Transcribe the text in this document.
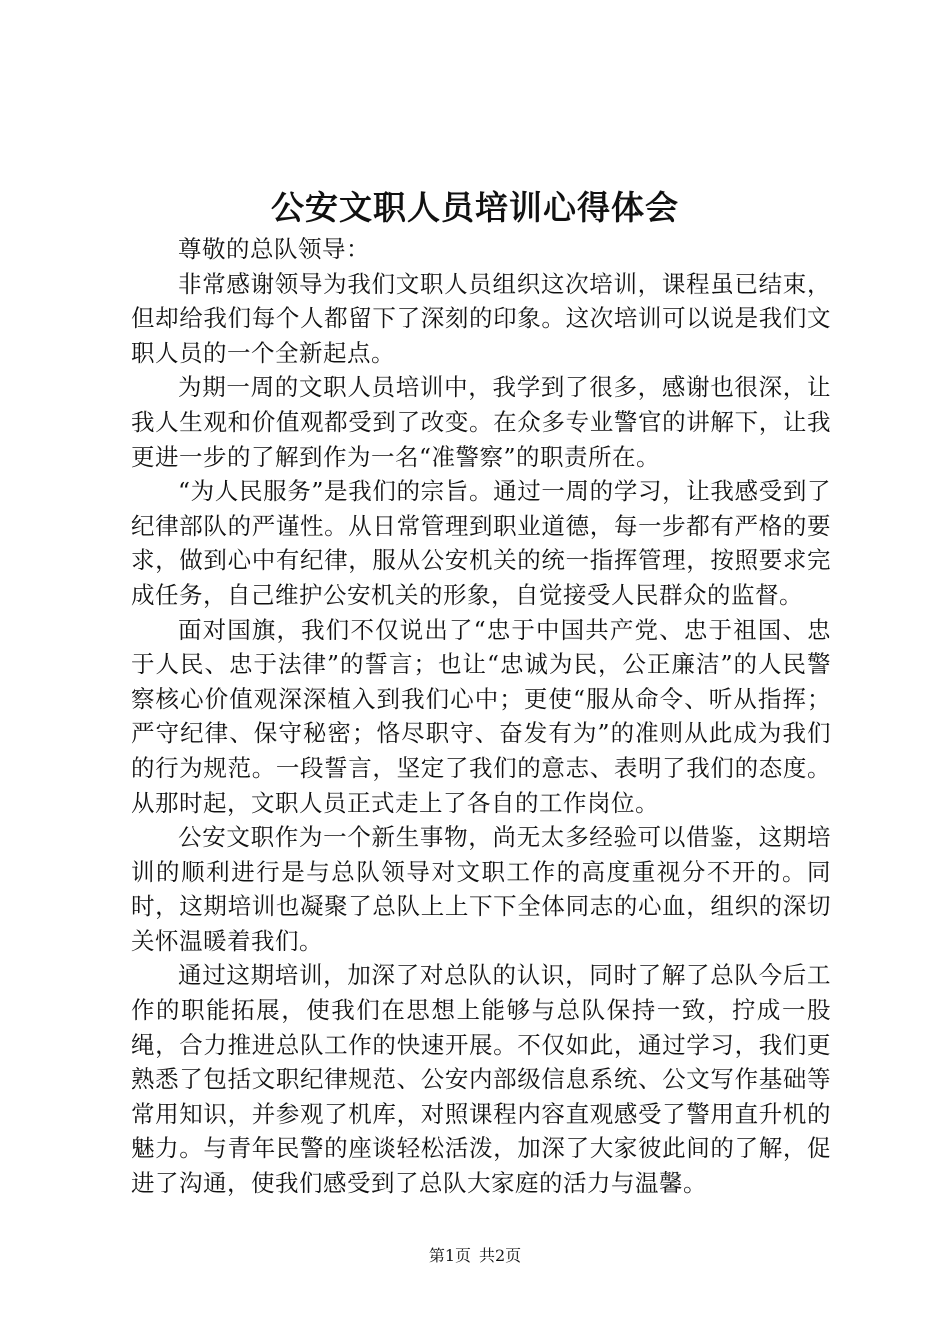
公安文职人员培训心得体会

尊敬的总队领导：

非常感谢领导为我们文职人员组织这次培训，课程虽已结束，但却给我们每个人都留下了深刻的印象。这次培训可以说是我们文职人员的一个全新起点。

为期一周的文职人员培训中，我学到了很多，感谢也很深，让我人生观和价值观都受到了改变。在众多专业警官的讲解下，让我更进一步的了解到作为一名“准警察”的职责所在。

“为人民服务”是我们的宗旨。通过一周的学习，让我感受到了纪律部队的严谨性。从日常管理到职业道德，每一步都有严格的要求，做到心中有纪律，服从公安机关的统一指挥管理，按照要求完成任务，自己维护公安机关的形象，自觉接受人民群众的监督。

面对国旗，我们不仅说出了“忠于中国共产党、忠于祖国、忠于人民、忠于法律”的誓言；也让“忠诚为民，公正廉洁”的人民警察核心价值观深深植入到我们心中；更使“服从命令、听从指挥；严守纪律、保守秘密；恪尽职守、奋发有为”的准则从此成为我们的行为规范。一段誓言，坚定了我们的意志、表明了我们的态度。从那时起，文职人员正式走上了各自的工作岗位。

公安文职作为一个新生事物，尚无太多经验可以借鉴，这期培训的顺利进行是与总队领导对文职工作的高度重视分不开的。同时，这期培训也凝聚了总队上上下下全体同志的心血，组织的深切关怀温暖着我们。

通过这期培训，加深了对总队的认识，同时了解了总队今后工作的职能拓展，使我们在思想上能够与总队保持一致，拧成一股绳，合力推进总队工作的快速开展。不仅如此，通过学习，我们更熟悉了包括文职纪律规范、公安内部级信息系统、公文写作基础等常用知识，并参观了机库，对照课程内容直观感受了警用直升机的魅力。与青年民警的座谈轻松活泼，加深了大家彼此间的了解，促进了沟通，使我们感受到了总队大家庭的活力与温馨。

第1页 共2页
